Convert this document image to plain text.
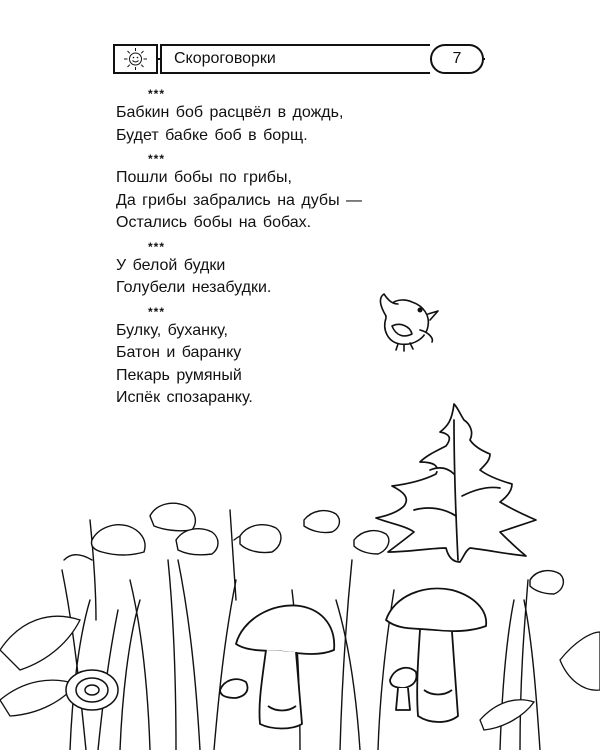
Скороговорки	7
***
Бабкин боб расцвёл в дождь,
Будет бабке боб в борщ.
***
Пошли бобы по грибы,
Да грибы забрались на дубы —
Остались бобы на бобах.
***
У белой будки
Голубели незабудки.
***
Булку, буханку,
Батон и баранку
Пекарь румяный
Испёк спозаранку.
